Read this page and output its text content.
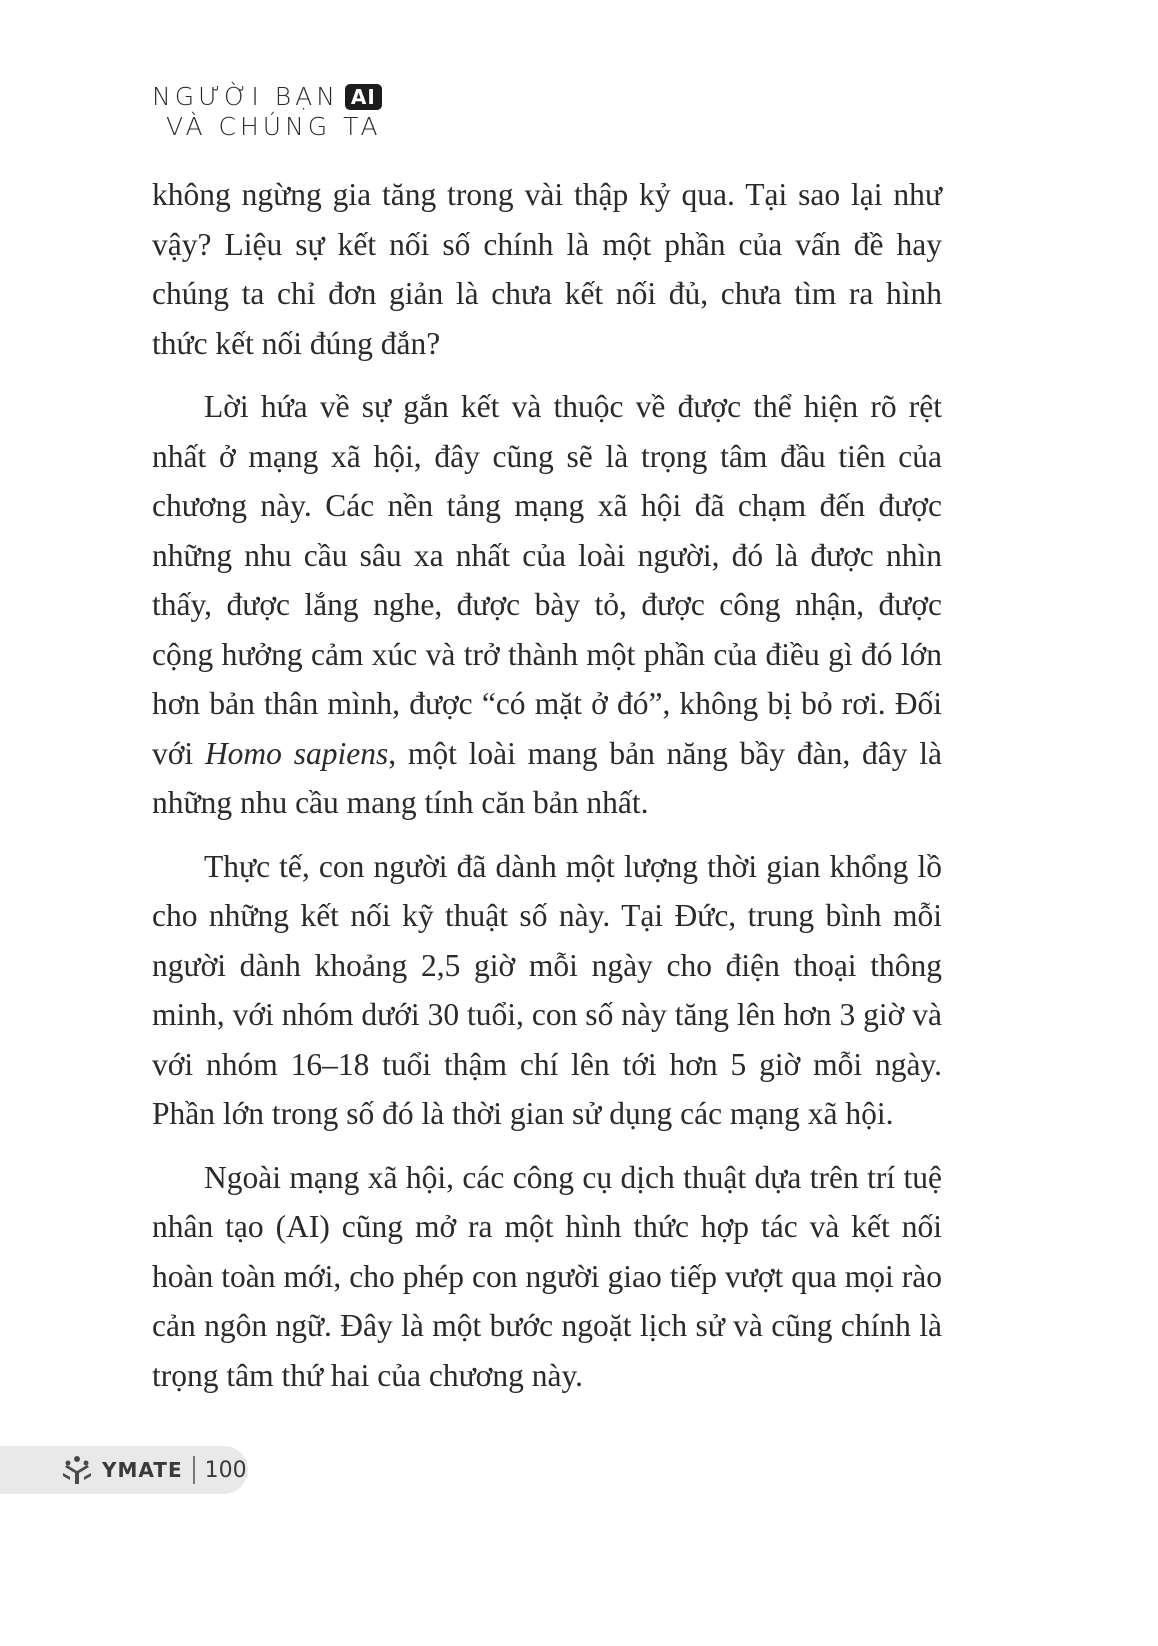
NGƯỜI BẠN AI
VÀ CHÚNG TA

không ngừng gia tăng trong vài thập kỷ qua. Tại sao lại như vậy? Liệu sự kết nối số chính là một phần của vấn đề hay chúng ta chỉ đơn giản là chưa kết nối đủ, chưa tìm ra hình thức kết nối đúng đắn?

Lời hứa về sự gắn kết và thuộc về được thể hiện rõ rệt nhất ở mạng xã hội, đây cũng sẽ là trọng tâm đầu tiên của chương này. Các nền tảng mạng xã hội đã chạm đến được những nhu cầu sâu xa nhất của loài người, đó là được nhìn thấy, được lắng nghe, được bày tỏ, được công nhận, được cộng hưởng cảm xúc và trở thành một phần của điều gì đó lớn hơn bản thân mình, được “có mặt ở đó”, không bị bỏ rơi. Đối với Homo sapiens, một loài mang bản năng bầy đàn, đây là những nhu cầu mang tính căn bản nhất.

Thực tế, con người đã dành một lượng thời gian khổng lồ cho những kết nối kỹ thuật số này. Tại Đức, trung bình mỗi người dành khoảng 2,5 giờ mỗi ngày cho điện thoại thông minh, với nhóm dưới 30 tuổi, con số này tăng lên hơn 3 giờ và với nhóm 16–18 tuổi thậm chí lên tới hơn 5 giờ mỗi ngày. Phần lớn trong số đó là thời gian sử dụng các mạng xã hội.

Ngoài mạng xã hội, các công cụ dịch thuật dựa trên trí tuệ nhân tạo (AI) cũng mở ra một hình thức hợp tác và kết nối hoàn toàn mới, cho phép con người giao tiếp vượt qua mọi rào cản ngôn ngữ. Đây là một bước ngoặt lịch sử và cũng chính là trọng tâm thứ hai của chương này.

YMATE 100
